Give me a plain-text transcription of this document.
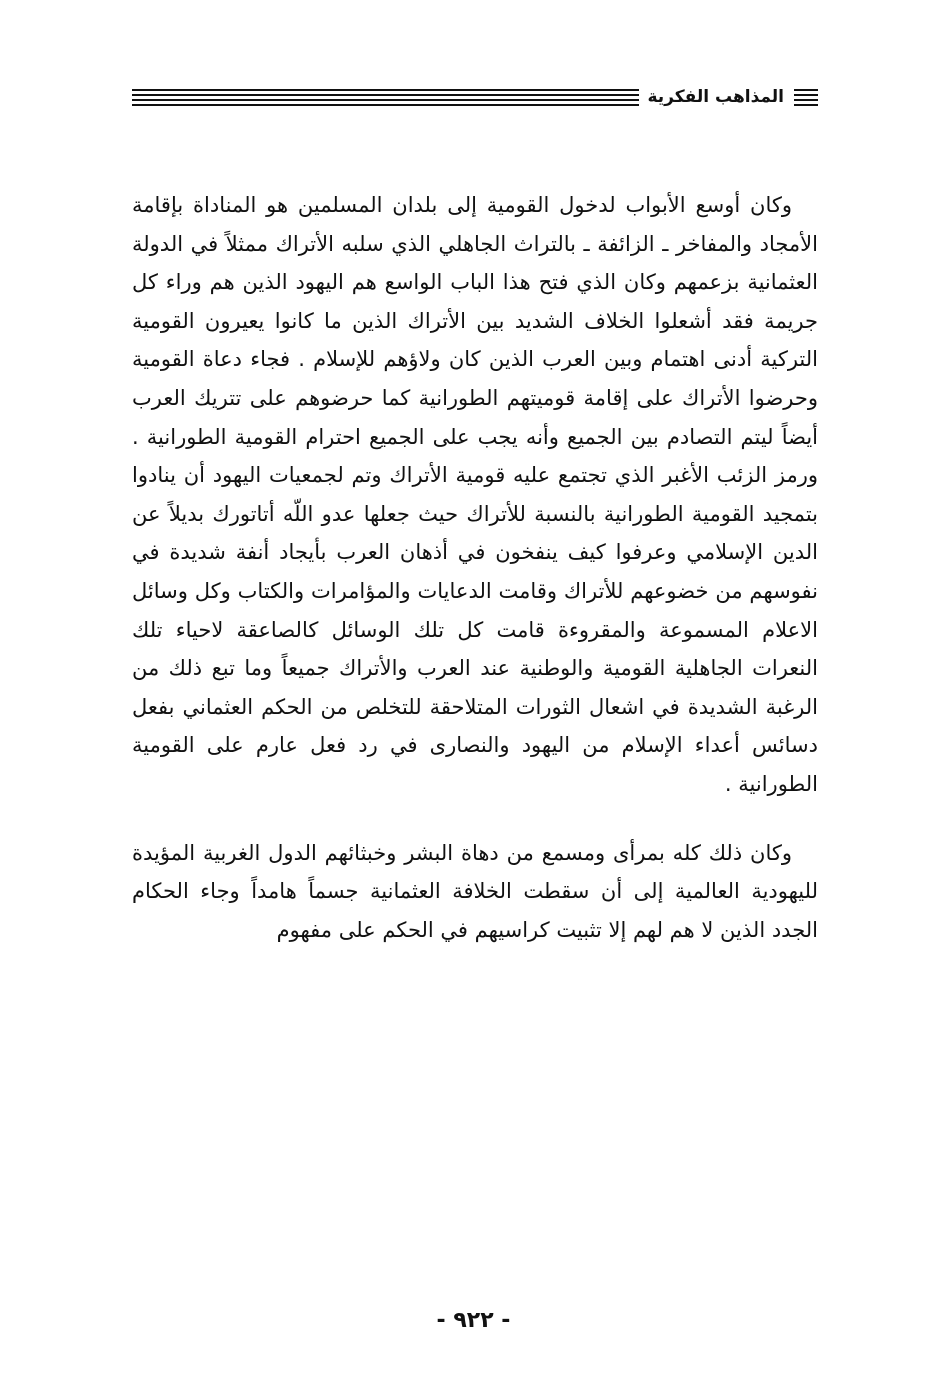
المذاهب الفكرية

وكان أوسع الأبواب لدخول القومية إلى بلدان المسلمين هو المناداة بإقامة الأمجاد والمفاخر ـ الزائفة ـ بالتراث الجاهلي الذي سلبه الأتراك ممثلاً في الدولة العثمانية بزعمهم وكان الذي فتح هذا الباب الواسع هم اليهود الذين هم وراء كل جريمة فقد أشعلوا الخلاف الشديد بين الأتراك الذين ما كانوا يعيرون القومية التركية أدنى اهتمام وبين العرب الذين كان ولاؤهم للإسلام . فجاء دعاة القومية وحرضوا الأتراك على إقامة قوميتهم الطورانية كما حرضوهم على تتريك العرب أيضاً ليتم التصادم بين الجميع وأنه يجب على الجميع احترام القومية الطورانية . ورمز الزئب الأغبر الذي تجتمع عليه قومية الأتراك وتم لجمعيات اليهود أن ينادوا بتمجيد القومية الطورانية بالنسبة للأتراك حيث جعلها عدو اللّه أتاتورك بديلاً عن الدين الإسلامي وعرفوا كيف ينفخون في أذهان العرب بأيجاد أنفة شديدة في نفوسهم من خضوعهم للأتراك وقامت الدعايات والمؤامرات والكتاب وكل وسائل الاعلام المسموعة والمقروءة قامت كل تلك الوسائل كالصاعقة لاحياء تلك النعرات الجاهلية القومية والوطنية عند العرب والأتراك جميعاً وما تبع ذلك من الرغبة الشديدة في اشعال الثورات المتلاحقة للتخلص من الحكم العثماني بفعل دسائس أعداء الإسلام من اليهود والنصارى في رد فعل عارم على القومية الطورانية .

وكان ذلك كله بمرأى ومسمع من دهاة البشر وخبثائهم الدول الغربية المؤيدة لليهودية العالمية إلى أن سقطت الخلافة العثمانية جسماً هامداً وجاء الحكام الجدد الذين لا هم لهم إلا تثبيت كراسيهم في الحكم على مفهوم

- ٩٢٢ -
